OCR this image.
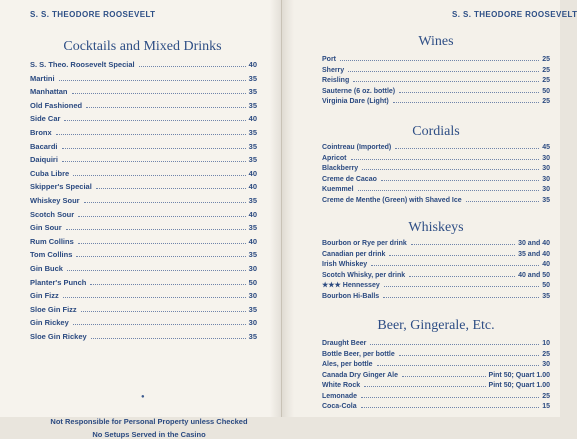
S. S. THEODORE ROOSEVELT
Cocktails and Mixed Drinks
S. S. Theo. Roosevelt Special	40
Martini	35
Manhattan	35
Old Fashioned	35
Side Car	40
Bronx	35
Bacardi	35
Daiquiri	35
Cuba Libre	40
Skipper's Special	40
Whiskey Sour	35
Scotch Sour	40
Gin Sour	35
Rum Collins	40
Tom Collins	35
Gin Buck	30
Planter's Punch	50
Gin Fizz	30
Sloe Gin Fizz	35
Gin Rickey	30
Sloe Gin Rickey	35
●
Not Responsible for Personal Property unless Checked
No Setups Served in the Casino
S. S. THEODORE ROOSEVELT
Wines
Port	25
Sherry	25
Reisling	25
Sauterne (6 oz. bottle)	50
Virginia Dare (Light)	25
Cordials
Cointreau (Imported)	45
Apricot	30
Blackberry	30
Creme de Cacao	30
Kuemmel	30
Creme de Menthe (Green) with Shaved Ice	35
Whiskeys
Bourbon or Rye per drink	30 and 40
Canadian per drink	35 and 40
Irish Whiskey	40
Scotch Whisky, per drink	40 and 50
★★★ Hennessey	50
Bourbon Hi-Balls	35
Beer, Gingerale, Etc.
Draught Beer	10
Bottle Beer, per bottle	25
Ales, per bottle	30
Canada Dry Ginger Ale	Pint 50; Quart 1.00
White Rock	Pint 50; Quart 1.00
Lemonade	25
Coca-Cola	15
